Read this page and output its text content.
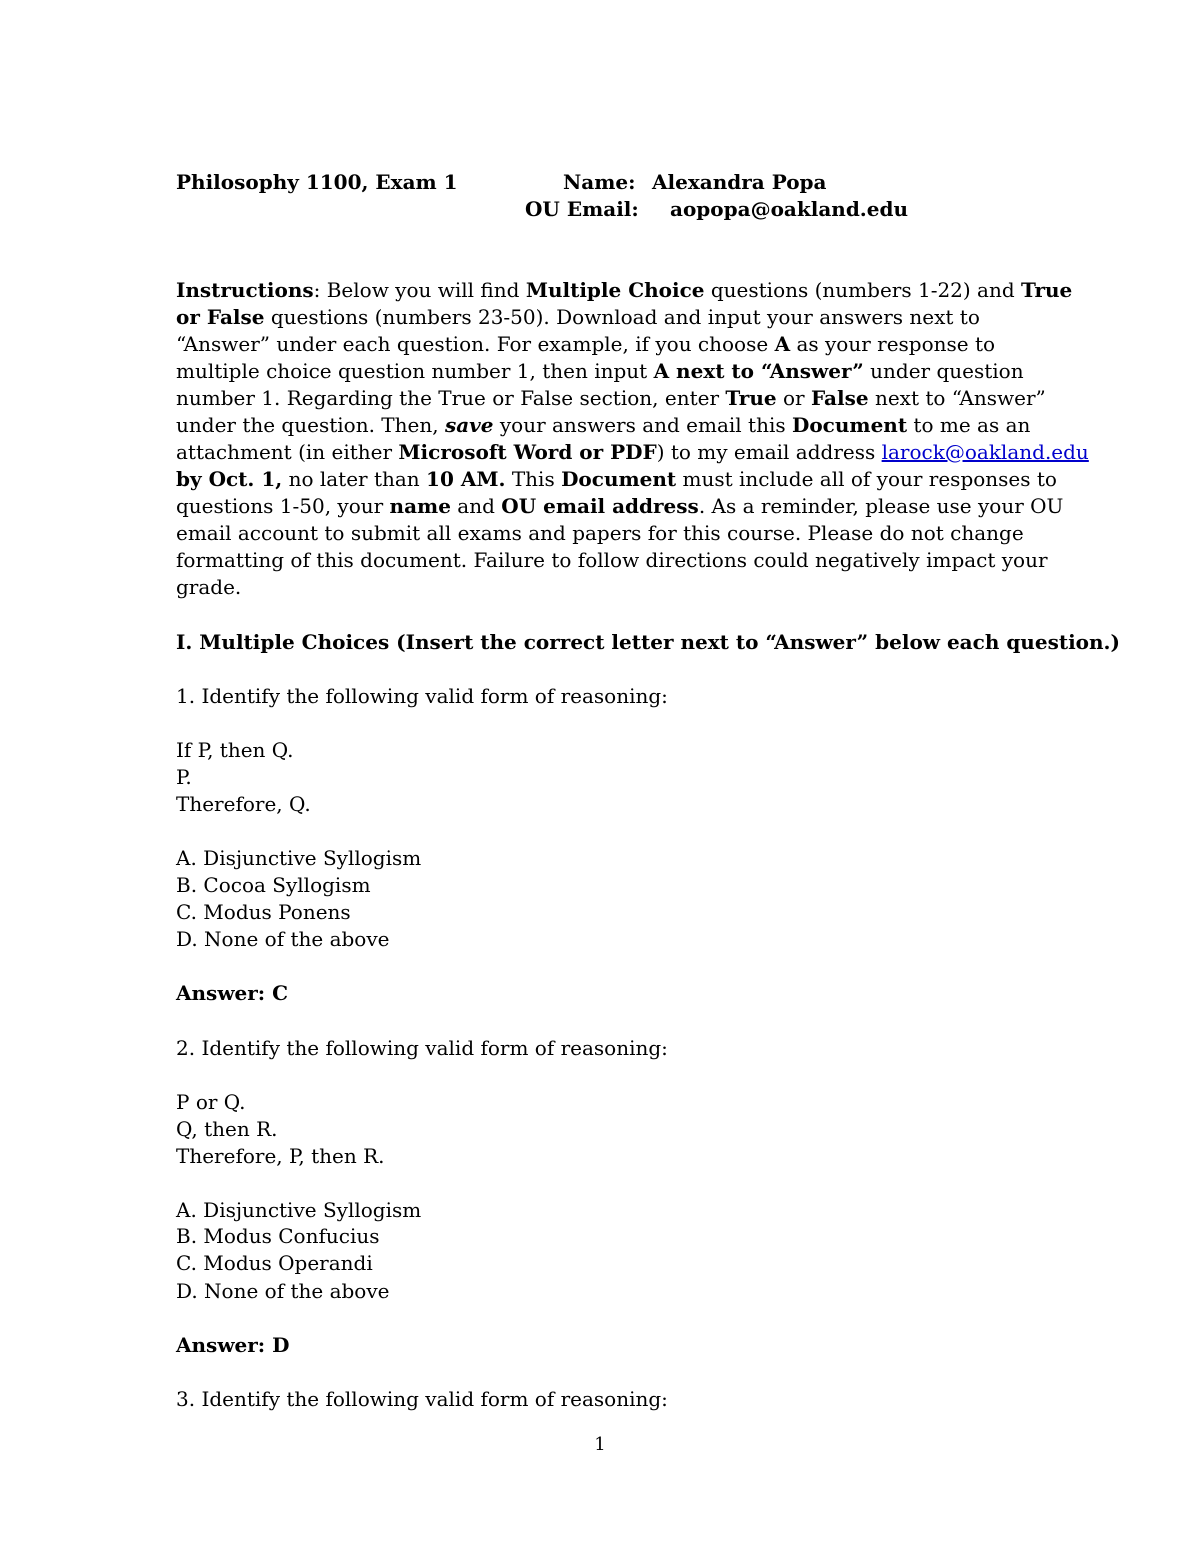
Philosophy 1100, Exam 1	Name: Alexandra Popa
OU Email: aopopa@oakland.edu
Instructions: Below you will find Multiple Choice questions (numbers 1-22) and True
or False questions (numbers 23-50). Download and input your answers next to
“Answer” under each question. For example, if you choose A as your response to
multiple choice question number 1, then input A next to “Answer” under question
number 1. Regarding the True or False section, enter True or False next to “Answer”
under the question. Then, save your answers and email this Document to me as an
attachment (in either Microsoft Word or PDF) to my email address larock@oakland.edu
by Oct. 1, no later than 10 AM. This Document must include all of your responses to
questions 1-50, your name and OU email address. As a reminder, please use your OU
email account to submit all exams and papers for this course. Please do not change
formatting of this document. Failure to follow directions could negatively impact your
grade.
I. Multiple Choices (Insert the correct letter next to “Answer” below each question.)
1. Identify the following valid form of reasoning:
If P, then Q.
P.
Therefore, Q.
A. Disjunctive Syllogism
B. Cocoa Syllogism
C. Modus Ponens
D. None of the above
Answer: C
2. Identify the following valid form of reasoning:
P or Q.
Q, then R.
Therefore, P, then R.
A. Disjunctive Syllogism
B. Modus Confucius
C. Modus Operandi
D. None of the above
Answer: D
3. Identify the following valid form of reasoning:
1
